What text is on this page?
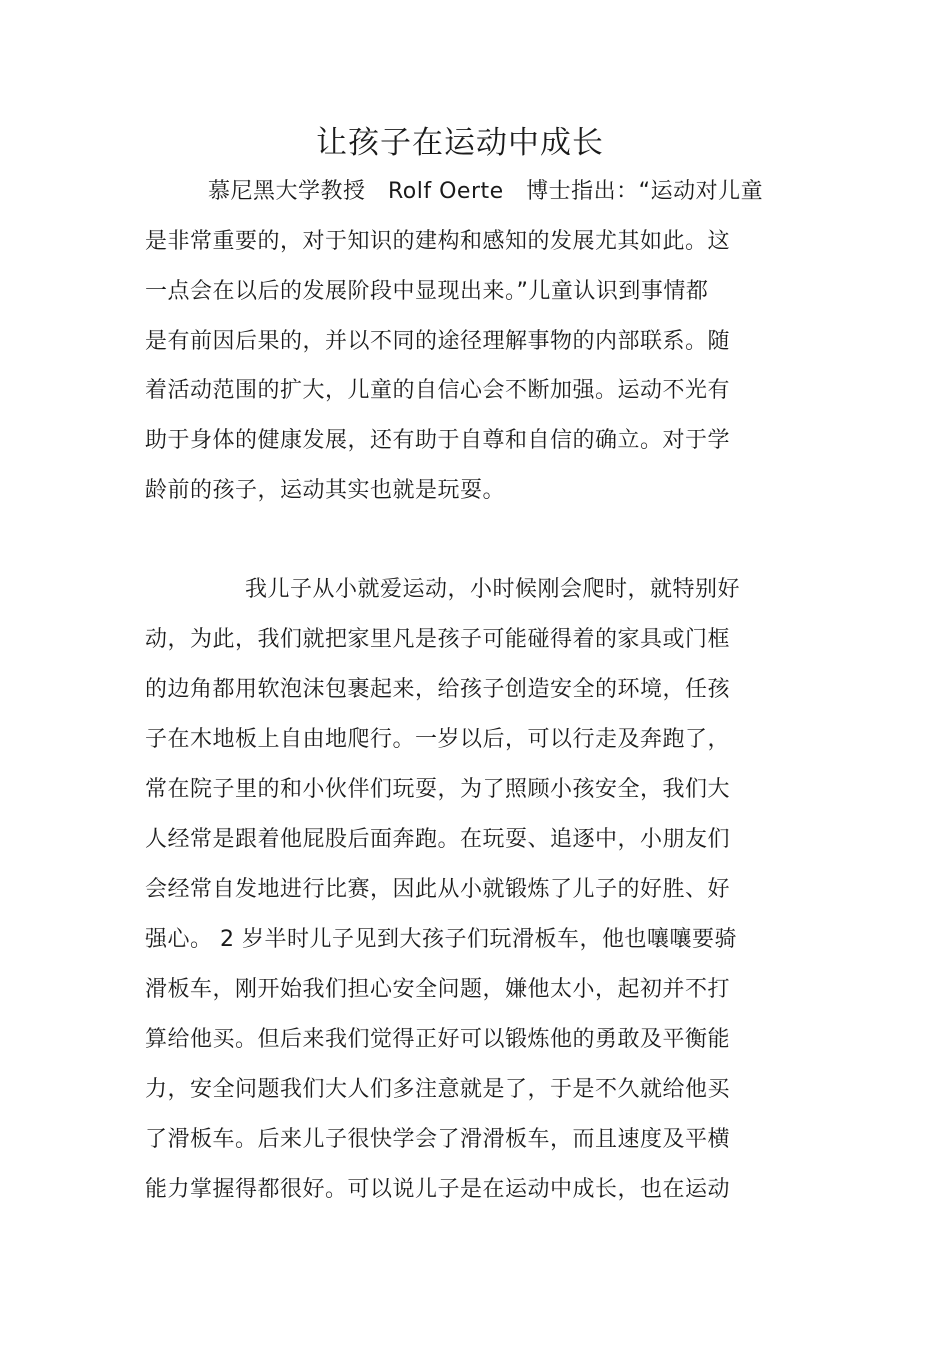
让孩子在运动中成长
慕尼黑大学教授　Rolf Oerte　博士指出：“运动对儿童
是非常重要的，对于知识的建构和感知的发展尤其如此。这
一点会在以后的发展阶段中显现出来。”儿童认识到事情都
是有前因后果的，并以不同的途径理解事物的内部联系。随
着活动范围的扩大，儿童的自信心会不断加强。运动不光有
助于身体的健康发展，还有助于自尊和自信的确立。对于学
龄前的孩子，运动其实也就是玩耍。
我儿子从小就爱运动，小时候刚会爬时，就特别好
动，为此，我们就把家里凡是孩子可能碰得着的家具或门框
的边角都用软泡沫包裹起来，给孩子创造安全的环境，任孩
子在木地板上自由地爬行。一岁以后，可以行走及奔跑了，
常在院子里的和小伙伴们玩耍，为了照顾小孩安全，我们大
人经常是跟着他屁股后面奔跑。在玩耍、追逐中，小朋友们
会经常自发地进行比赛，因此从小就锻炼了儿子的好胜、好
强心。 2 岁半时儿子见到大孩子们玩滑板车，他也嚷嚷要骑
滑板车，刚开始我们担心安全问题，嫌他太小，起初并不打
算给他买。但后来我们觉得正好可以锻炼他的勇敢及平衡能
力，安全问题我们大人们多注意就是了，于是不久就给他买
了滑板车。后来儿子很快学会了滑滑板车，而且速度及平横
能力掌握得都很好。可以说儿子是在运动中成长，也在运动
